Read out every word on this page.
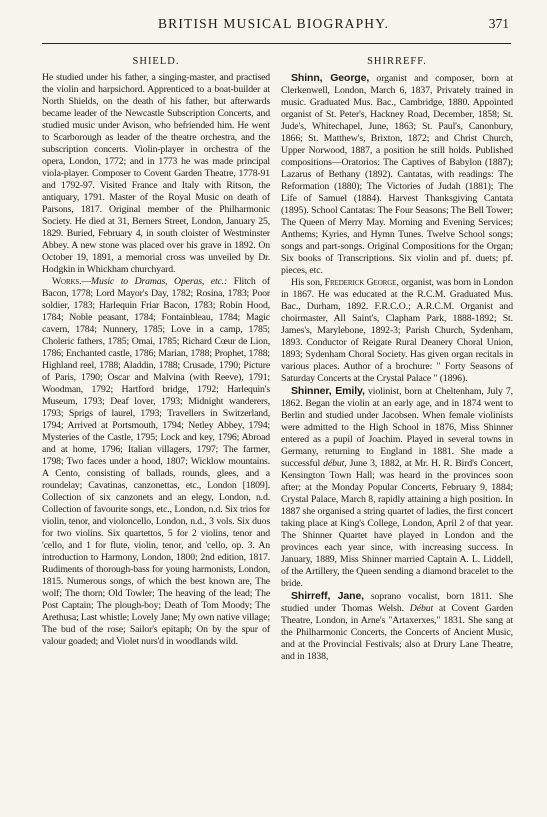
BRITISH MUSICAL BIOGRAPHY.	371
SHIELD.

He studied under his father, a singing-master, and practised the violin and harpsichord. Apprenticed to a boat-builder at North Shields, on the death of his father, but afterwards became leader of the Newcastle Subscription Concerts, and studied music under Avison, who befriended him. He went to Scarborough as leader of the theatre orchestra, and the subscription concerts. Violin-player in orchestra of the opera, London, 1772; and in 1773 he was made principal viola-player. Composer to Covent Garden Theatre, 1778-91 and 1792-97. Visited France and Italy with Ritson, the antiquary, 1791. Master of the Royal Music on death of Parsons, 1817. Original member of the Philharmonic Society. He died at 31, Berners Street, London, January 25, 1829. Buried, February 4, in south cloister of Westminster Abbey. A new stone was placed over his grave in 1892. On October 19, 1891, a memorial cross was unveiled by Dr. Hodgkin in Whickham churchyard.

Works.—Music to Dramas, Operas, etc.: Flitch of Bacon, 1778; Lord Mayor's Day, 1782; Rosina, 1783; Poor soldier, 1783; Harlequin Friar Bacon, 1783; Robin Hood, 1784; Noble peasant, 1784; Fontainbleau, 1784; Magic cavern, 1784; Nunnery, 1785; Love in a camp, 1785; Choleric fathers, 1785; Omai, 1785; Richard Cœur de Lion, 1786; Enchanted castle, 1786; Marian, 1788; Prophet, 1788; Highland reel, 1788; Aladdin, 1788; Crusade, 1790; Picture of Paris, 1790; Oscar and Malvina (with Reeve), 1791; Woodman, 1792; Hartford bridge, 1792; Harlequin's Museum, 1793; Deaf lover, 1793; Midnight wanderers, 1793; Sprigs of laurel, 1793; Travellers in Switzerland, 1794; Arrived at Portsmouth, 1794; Netley Abbey, 1794; Mysteries of the Castle, 1795; Lock and key, 1796; Abroad and at home, 1796; Italian villagers, 1797; The farmer, 1798; Two faces under a hood, 1807; Wicklow mountains. A Cento, consisting of ballads, rounds, glees, and a roundelay; Cavatinas, canzonettas, etc., London [1809]. Collection of six canzonets and an elegy, London, n.d. Collection of favourite songs, etc., London, n.d. Six trios for violin, tenor, and violoncello, London, n.d., 3 vols. Six duos for two violins. Six quartettos, 5 for 2 violins, tenor and 'cello, and 1 for flute, violin, tenor, and 'cello, op. 3. An introduction to Harmony, London, 1800; 2nd edition, 1817. Rudiments of thorough-bass for young harmonists, London, 1815. Numerous songs, of which the best known are, The wolf; The thorn; Old Towler; The heaving of the lead; The Post Captain; The plough-boy; Death of Tom Moody; The Arethusa; Last whistle; Lovely Jane; My own native village; The bud of the rose; Sailor's epitaph; On by the spur of valour goaded; and Violet nurs'd in woodlands wild.

SHIRREFF.

Shinn, George, organist and composer, born at Clerkenwell, London, March 6, 1837, Privately trained in music. Graduated Mus. Bac., Cambridge, 1880. Appointed organist of St. Peter's, Hackney Road, December, 1858; St. Jude's, Whitechapel, June, 1863; St. Paul's, Canonbury, 1866; St. Matthew's, Brixton, 1872; and Christ Church, Upper Norwood, 1887, a position he still holds. Published compositions—Oratorios: The Captives of Babylon (1887); Lazarus of Bethany (1892). Cantatas, with readings: The Reformation (1880); The Victories of Judah (1881); The Life of Samuel (1884). Harvest Thanksgiving Cantata (1895). School Cantatas: The Four Seasons; The Bell Tower; The Queen of Merry May. Morning and Evening Services; Anthems; Kyries, and Hymn Tunes. Twelve School songs; songs and part-songs. Original Compositions for the Organ; Six books of Transcriptions. Six violin and pf. duets; pf. pieces, etc.

His son, Frederick George, organist, was born in London in 1867. He was educated at the R.C.M. Graduated Mus. Bac., Durham, 1892. F.R.C.O.; A.R.C.M. Organist and choirmaster, All Saint's, Clapham Park, 1888-1892; St. James's, Marylebone, 1892-3; Parish Church, Sydenham, 1893. Conductor of Reigate Rural Deanery Choral Union, 1893; Sydenham Choral Society. Has given organ recitals in various places. Author of a brochure: " Forty Seasons of Saturday Concerts at the Crystal Palace " (1896).

Shinner, Emily, violinist, born at Cheltenham, July 7, 1862. Began the violin at an early age, and in 1874 went to Berlin and studied under Jacobsen. When female violinists were admitted to the High School in 1876, Miss Shinner entered as a pupil of Joachim. Played in several towns in Germany, returning to England in 1881. She made a successful début, June 3, 1882, at Mr. H. R. Bird's Concert, Kensington Town Hall; was heard in the provinces soon after; at the Monday Popular Concerts, February 9, 1884; Crystal Palace, March 8, rapidly attaining a high position. In 1887 she organised a string quartet of ladies, the first concert taking place at King's College, London, April 2 of that year. The Shinner Quartet have played in London and the provinces each year since, with increasing success. In January, 1889, Miss Shinner married Captain A. L. Liddell, of the Artillery, the Queen sending a diamond bracelet to the bride.

Shirreff, Jane, soprano vocalist, born 1811. She studied under Thomas Welsh. Début at Covent Garden Theatre, London, in Arne's "Artaxerxes," 1831. She sang at the Philharmonic Concerts, the Concerts of Ancient Music, and at the Provincial Festivals; also at Drury Lane Theatre, and in 1838,
